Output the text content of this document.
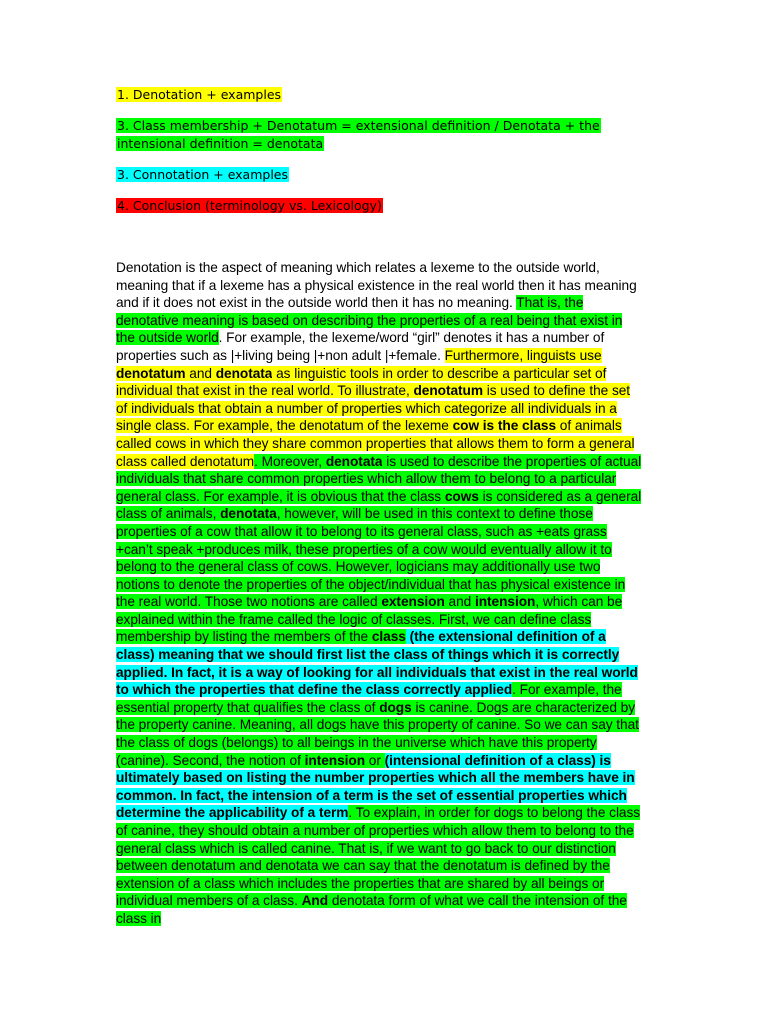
1. Denotation + examples
3. Class membership + Denotatum = extensional definition / Denotata + the intensional definition = denotata
3. Connotation + examples
4. Conclusion (terminology vs. Lexicology)
Denotation is the aspect of meaning which relates a lexeme to the outside world, meaning that if a lexeme has a physical existence in the real world then it has meaning and if it does not exist in the outside world then it has no meaning. That is, the denotative meaning is based on describing the properties of a real being that exist in the outside world. For example, the lexeme/word “girl” denotes it has a number of properties such as |+living being |+non adult |+female. Furthermore, linguists use denotatum and denotata as linguistic tools in order to describe a particular set of individual that exist in the real world. To illustrate, denotatum is used to define the set of individuals that obtain a number of properties which categorize all individuals in a single class. For example, the denotatum of the lexeme cow is the class of animals called cows in which they share common properties that allows them to form a general class called denotatum. Moreover, denotata is used to describe the properties of actual individuals that share common properties which allow them to belong to a particular general class. For example, it is obvious that the class cows is considered as a general class of animals, denotata, however, will be used in this context to define those properties of a cow that allow it to belong to its general class, such as +eats grass +can’t speak +produces milk, these properties of a cow would eventually allow it to belong to the general class of cows. However, logicians may additionally use two notions to denote the properties of the object/individual that has physical existence in the real world. Those two notions are called extension and intension, which can be explained within the frame called the logic of classes. First, we can define class membership by listing the members of the class (the extensional definition of a class) meaning that we should first list the class of things which it is correctly applied. In fact, it is a way of looking for all individuals that exist in the real world to which the properties that define the class correctly applied. For example, the essential property that qualifies the class of dogs is canine. Dogs are characterized by the property canine. Meaning, all dogs have this property of canine. So we can say that the class of dogs (belongs) to all beings in the universe which have this property (canine). Second, the notion of intension or (intensional definition of a class) is ultimately based on listing the number properties which all the members have in common. In fact, the intension of a term is the set of essential properties which determine the applicability of a term. To explain, in order for dogs to belong the class of canine, they should obtain a number of properties which allow them to belong to the general class which is called canine. That is, if we want to go back to our distinction between denotatum and denotata we can say that the denotatum is defined by the extension of a class which includes the properties that are shared by all beings or individual members of a class. And denotata form of what we call the intension of the class in
